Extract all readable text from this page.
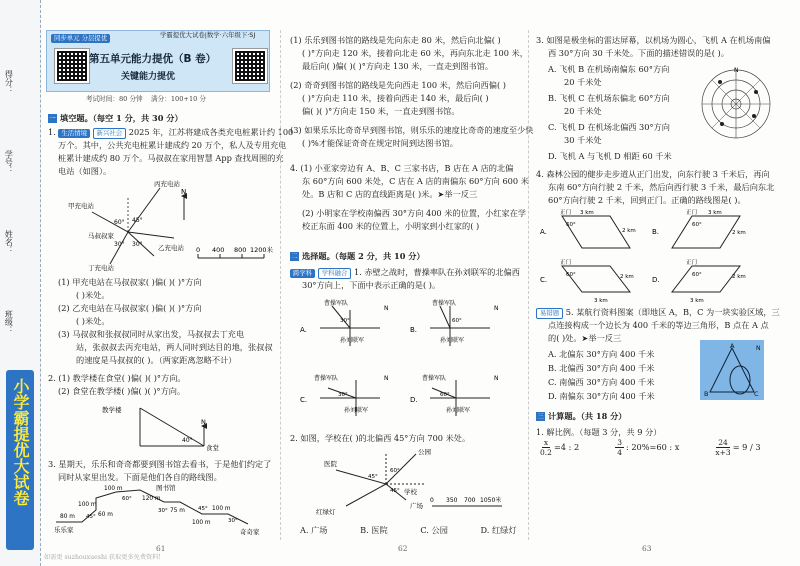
得分：
学号：
姓名：
班级：
小学霸提优大试卷
同步单元 分层提优
第五单元能力提优（B 卷）
关键能力提优
学霸提优大试卷|数学·六年级下·SJ
考试时间：80 分钟 满分：100+10 分
一 填空题。（每空 1 分，共 30 分）
1. 生活情境 新兴社会 2025 年，江苏将建成各类充电桩累计约 100
万个。其中，公共充电桩累计建成约 20 万个，私人及专用充电
桩累计建成约 80 万个。马叔叔在家用智慧 App 查找周围的充
电站（如图）。
N
丙充电站
甲充电站
马叔叔家
乙充电站
丁充电站
60° 45°
30°
30°
0 400 800 1200米
(1) 甲充电站在马叔叔家( )偏( )( )°方向
( )米处。
(2) 乙充电站在马叔叔家( )偏( )( )°方向
( )米处。
(3) 马叔叔和张叔叔同时从家出发，马叔叔去丁充电
站，张叔叔去丙充电站，两人同时到达目的地，张叔叔
的速度是马叔叔的( )。（两家距离忽略不计）
2. (1) 教学楼在食堂( )偏( )( )°方向。
(2) 食堂在教学楼( )偏( )( )°方向。
教学楼
食堂
N
40°
3. 星期天，乐乐和奇奇都要到图书馆去看书，于是他们约定了
同时从家里出发。下面是他们各自的路线图。
图书馆
乐乐家	奇奇家
100 m
80 m
100 m
60 m
120 m
75 m
100 m
100 m
45°
60°
30°	45°
30°
61
如需更 suzhouxueshi 获取更多免费资料!
(1) 乐乐到图书馆的路线是先向东走 80 米，然后向北偏( )
( )°方向走 120 米，接着向北走 60 米，再向东北走 100 米，
最后向( )偏( )( )°方向走 130 米，一直走到图书馆。
(2) 奇奇到图书馆的路线是先向西走 100 米，然后向西偏( )
( )°方向走 110 米，接着向西走 140 米，最后向( )
偏( )( )°方向走 150 米，一直走到图书馆。
(3) 如果乐乐比奇奇早到图书馆，则乐乐的速度比奇奇的速度至少快
( )%才能保证奇奇在规定时间到达图书馆。
4. (1) 小亚家旁边有 A、B、C 三家书店，B 店在 A 店的北偏
东 60°方向 600 米处，C 店在 A 店的南偏东 60°方向 600 米
处。B 店和 C 店的直线距离是( )米。➤举一反三
(2) 小明家在学校南偏西 30°方向 400 米的位置，小红家在学
校正东面 400 米的位置上，小明家到小红家的( )
二 选择题。（每题 2 分，共 10 分）
跨学科 学科融合 1. 赤壁之战时，曹操率队在孙刘联军的北偏西
30°方向上，下面中表示正确的是( )。
A.
曹操军队
孙刘联军
30°
N
B.
曹操军队
孙刘联军
60°
N
C.
曹操军队
孙刘联军
30°
N
D.
曹操军队
孙刘联军
60°
N
2. 如图，学校在( )的北偏西 45°方向 700 米处。
公园
医院
学校
红绿灯
广场
60°
45°
45°
0 350 700 1050米
A. 广场	B. 医院	C. 公园	D. 红绿灯
62
3. 如图是极坐标的雷达屏幕，以机场为圆心，飞机 A 在机场南偏
西 30°方向 30 千米处。下面的描述错误的是( )。
A. 飞机 B 在机场南偏东 60°方向
20 千米处
B. 飞机 C 在机场东偏北 60°方向
20 千米处
C. 飞机 D 在机场北偏西 30°方向
30 千米处
D. 飞机 A 与飞机 D 相距 60 千米
N
4. 森林公园的健步走步道从正门出发，向东行驶 3 千米后，再向
东南 60°方向行驶 2 千米，然后向西行驶 3 千米，最后向东北
60°方向行驶 2 千米，回到正门。正确的路线图是( )。
A.
正门 3 km
2 km
60°
B.
正门 3 km
2 km
60°
C.
正门
3 km
2 km
60°
D.
正门
3 km
2 km
60°
易错题 5. 某航行资料图案（即地区 A，B，C 为一块实验区域，三
点连接构成一个边长为 400 千米的等边三角形，B 点在 A 点
的( )处。➤举一反三
A. 北偏东 30°方向 400 千米
B. 北偏西 30°方向 400 千米
C. 南偏西 30°方向 400 千米
D. 南偏东 30°方向 400 千米
A
B	C
N
三 计算题。（共 18 分）
1. 解比例。（每题 3 分，共 9 分）
$\frac{x}{0.2} =4$ : 2	$\frac{3}{4}$ : 20%=60 : x	$\frac{24}{x+3} = 9 / 3$
63
